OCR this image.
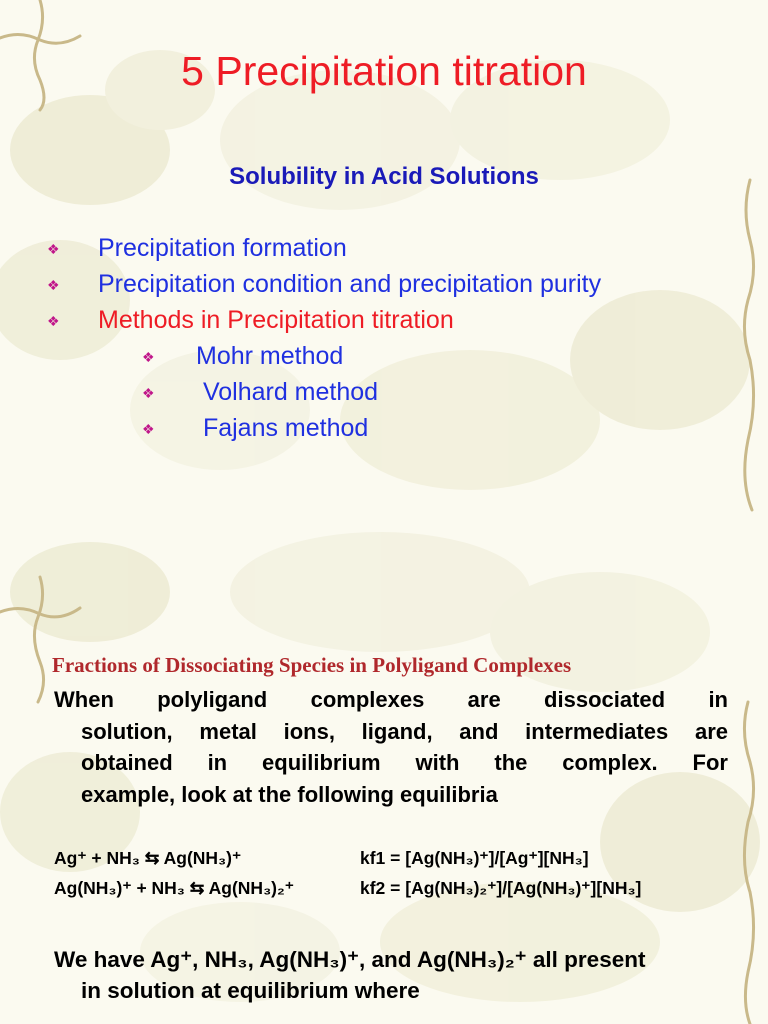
5 Precipitation titration
Solubility in Acid Solutions
❖ Precipitation formation
❖ Precipitation condition and precipitation purity
❖ Methods in Precipitation titration
❖ Mohr method
❖ Volhard method
❖ Fajans method
Fractions of Dissociating Species in Polyligand Complexes
When polyligand complexes are dissociated in
solution, metal ions, ligand, and intermediates are
obtained in equilibrium with the complex. For
example, look at the following equilibria
Ag⁺ + NH₃ ⇆ Ag(NH₃)⁺	kf1 = [Ag(NH₃)⁺]/[Ag⁺][NH₃]
Ag(NH₃)⁺ + NH₃ ⇆ Ag(NH₃)₂⁺	kf2 = [Ag(NH₃)₂⁺]/[Ag(NH₃)⁺][NH₃]
We have Ag⁺, NH₃, Ag(NH₃)⁺, and Ag(NH₃)₂⁺ all present
in solution at equilibrium where
